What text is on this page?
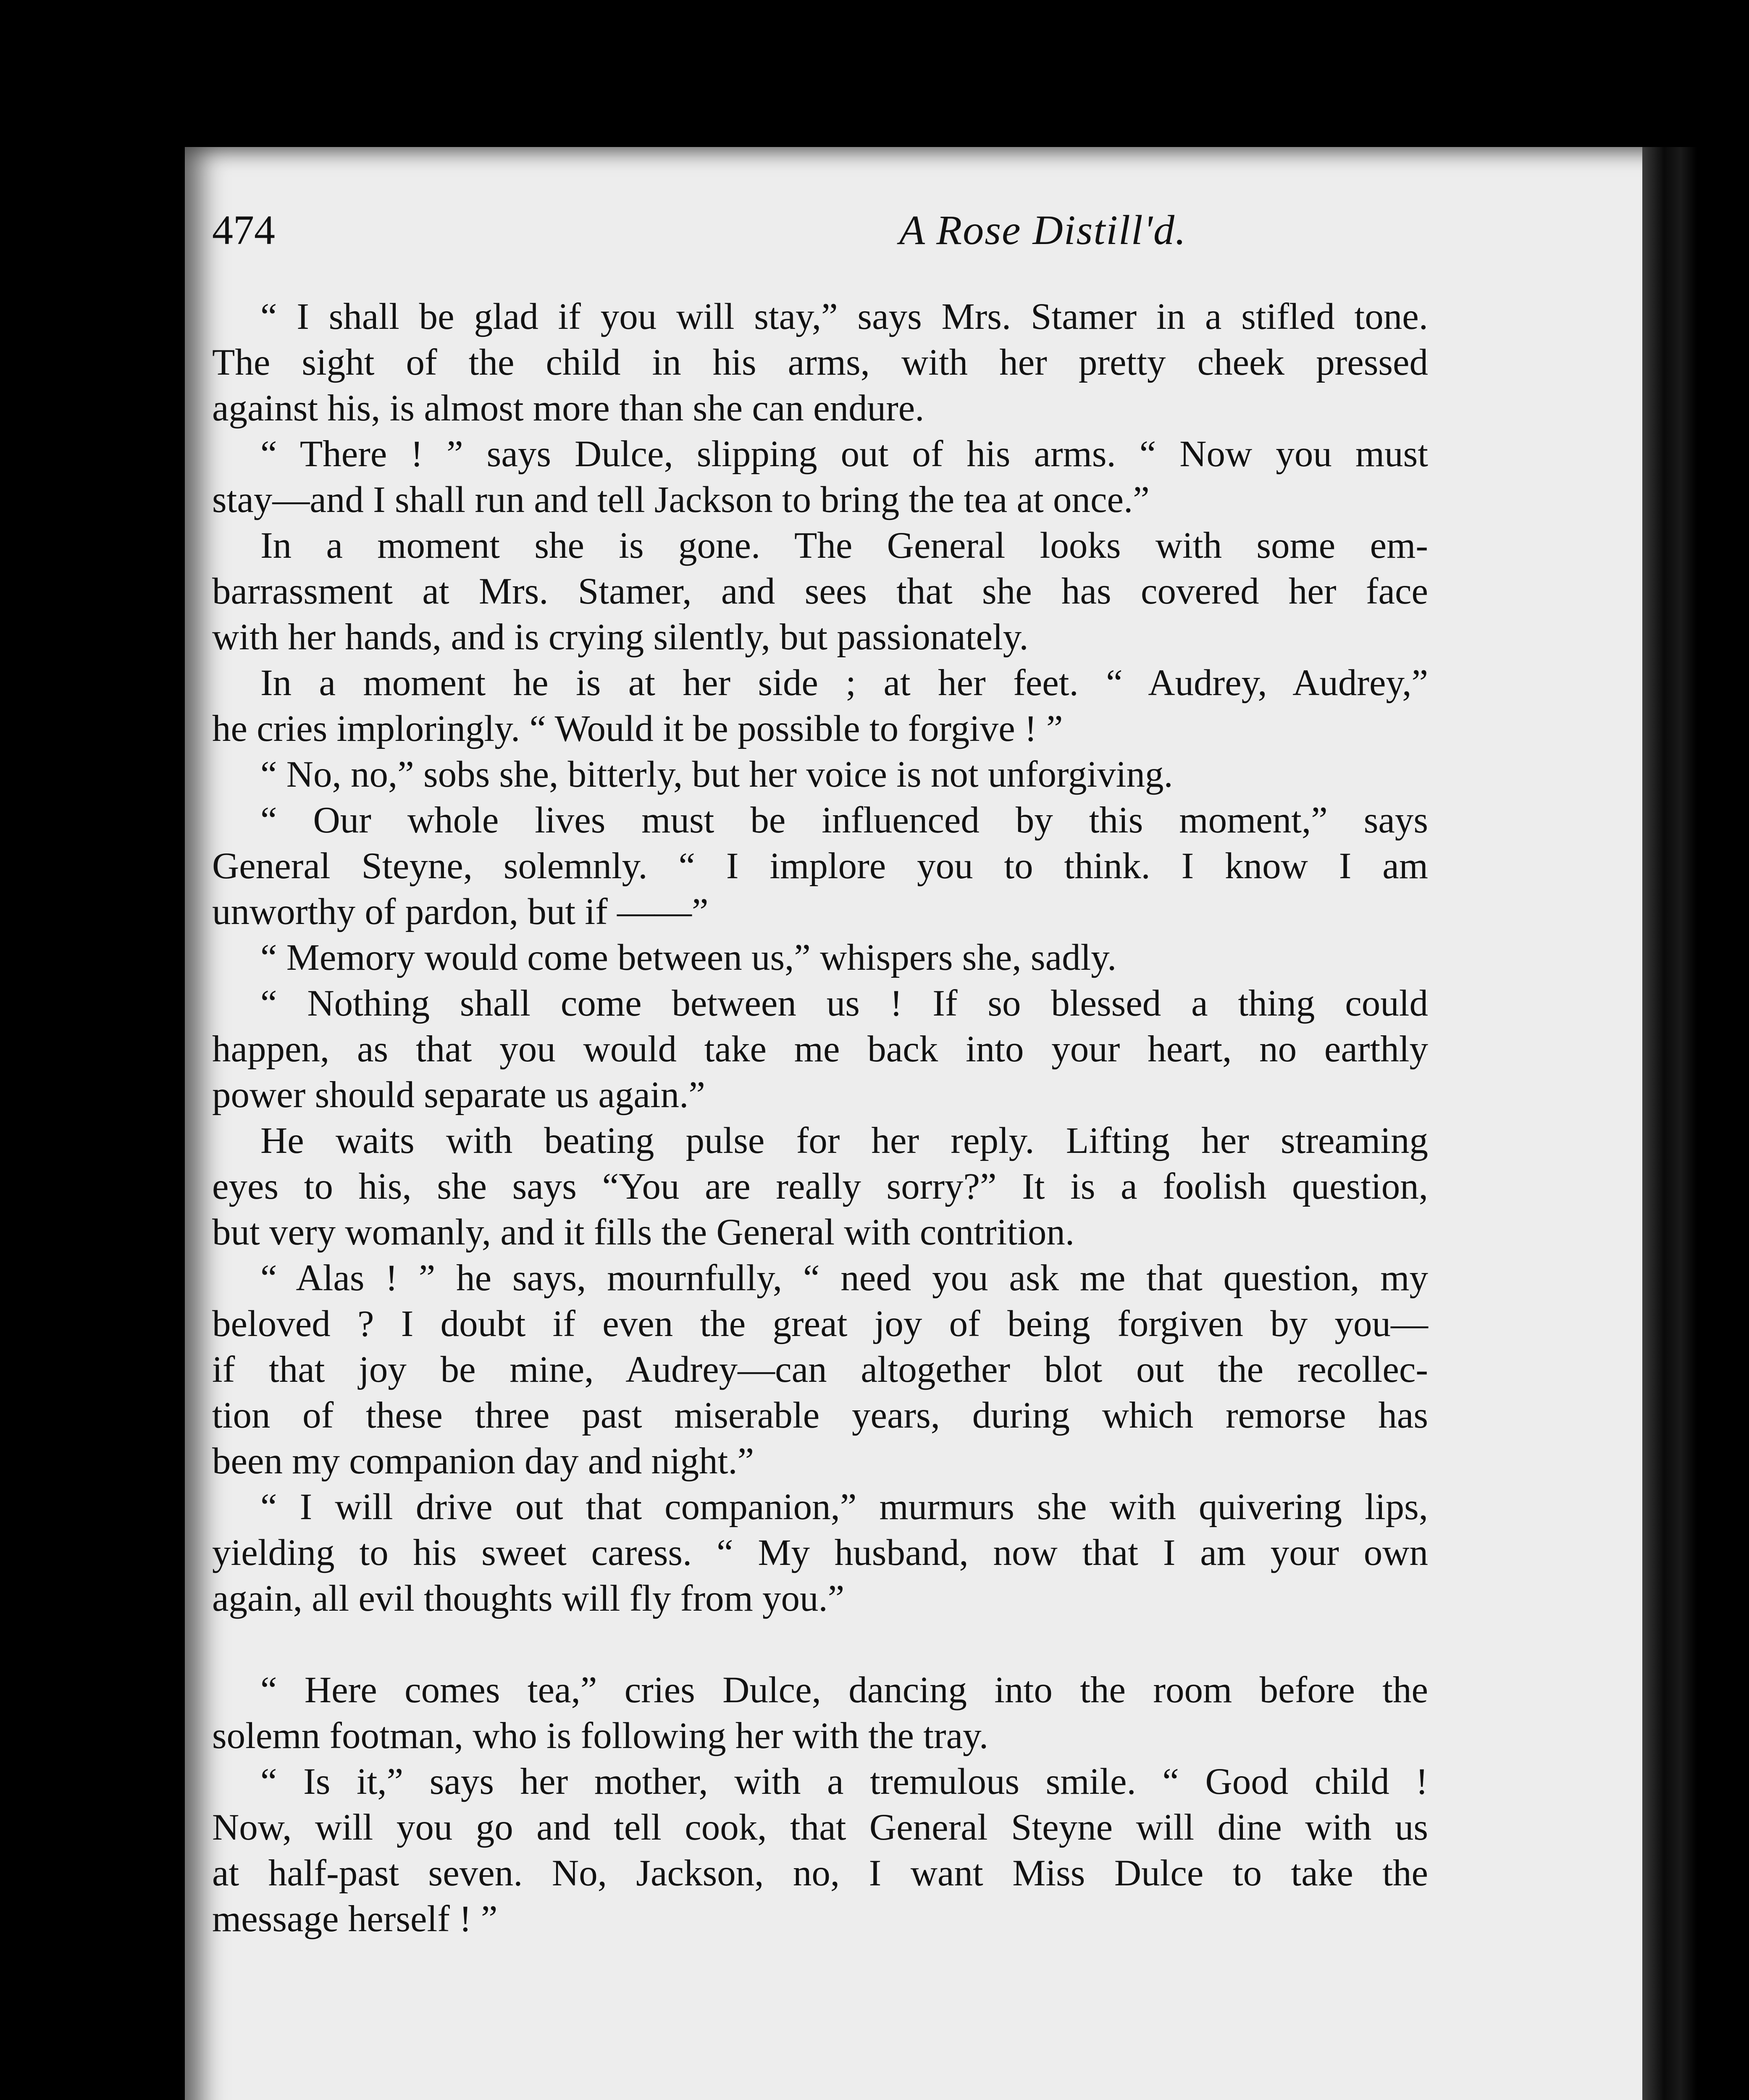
474	A Rose Distill'd.
“ I shall be glad if you will stay,” says Mrs. Stamer in a stifled tone.
The sight of the child in his arms, with her pretty cheek pressed
against his, is almost more than she can endure.
“ There ! ” says Dulce, slipping out of his arms. “ Now you must
stay—and I shall run and tell Jackson to bring the tea at once.”
In a moment she is gone. The General looks with some em-
barrassment at Mrs. Stamer, and sees that she has covered her face
with her hands, and is crying silently, but passionately.
In a moment he is at her side ; at her feet. “ Audrey, Audrey,”
he cries imploringly. “ Would it be possible to forgive ! ”
“ No, no,” sobs she, bitterly, but her voice is not unforgiving.
“ Our whole lives must be influenced by this moment,” says
General Steyne, solemnly. “ I implore you to think. I know I am
unworthy of pardon, but if ——”
“ Memory would come between us,” whispers she, sadly.
“ Nothing shall come between us ! If so blessed a thing could
happen, as that you would take me back into your heart, no earthly
power should separate us again.”
He waits with beating pulse for her reply. Lifting her streaming
eyes to his, she says “You are really sorry?” It is a foolish question,
but very womanly, and it fills the General with contrition.
“ Alas ! ” he says, mournfully, “ need you ask me that question, my
beloved ? I doubt if even the great joy of being forgiven by you—
if that joy be mine, Audrey—can altogether blot out the recollec-
tion of these three past miserable years, during which remorse has
been my companion day and night.”
“ I will drive out that companion,” murmurs she with quivering lips,
yielding to his sweet caress. “ My husband, now that I am your own
again, all evil thoughts will fly from you.”
“ Here comes tea,” cries Dulce, dancing into the room before the
solemn footman, who is following her with the tray.
“ Is it,” says her mother, with a tremulous smile. “ Good child !
Now, will you go and tell cook, that General Steyne will dine with us
at half-past seven. No, Jackson, no, I want Miss Dulce to take the
message herself ! ”
